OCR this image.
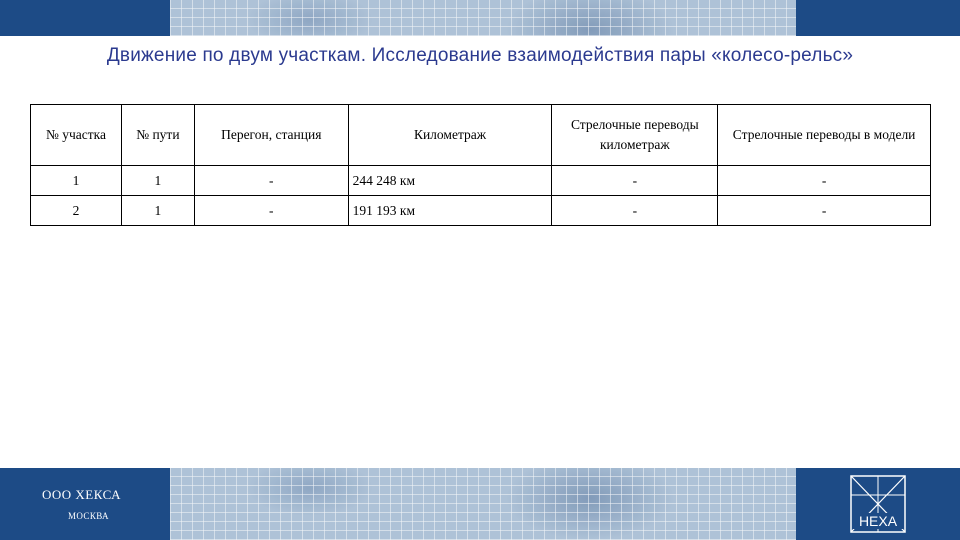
Движение по двум участкам. Исследование взаимодействия пары «колесо-рельс»
№ участка	№ пути	Перегон, станция	Километраж	Стрелочные переводы километраж	Стрелочные переводы в модели
1	1	-	244 248 км	-	-
2	1	-	191 193 км	-	-
ООО ХЕКСА
МОСКВА	HEXA
